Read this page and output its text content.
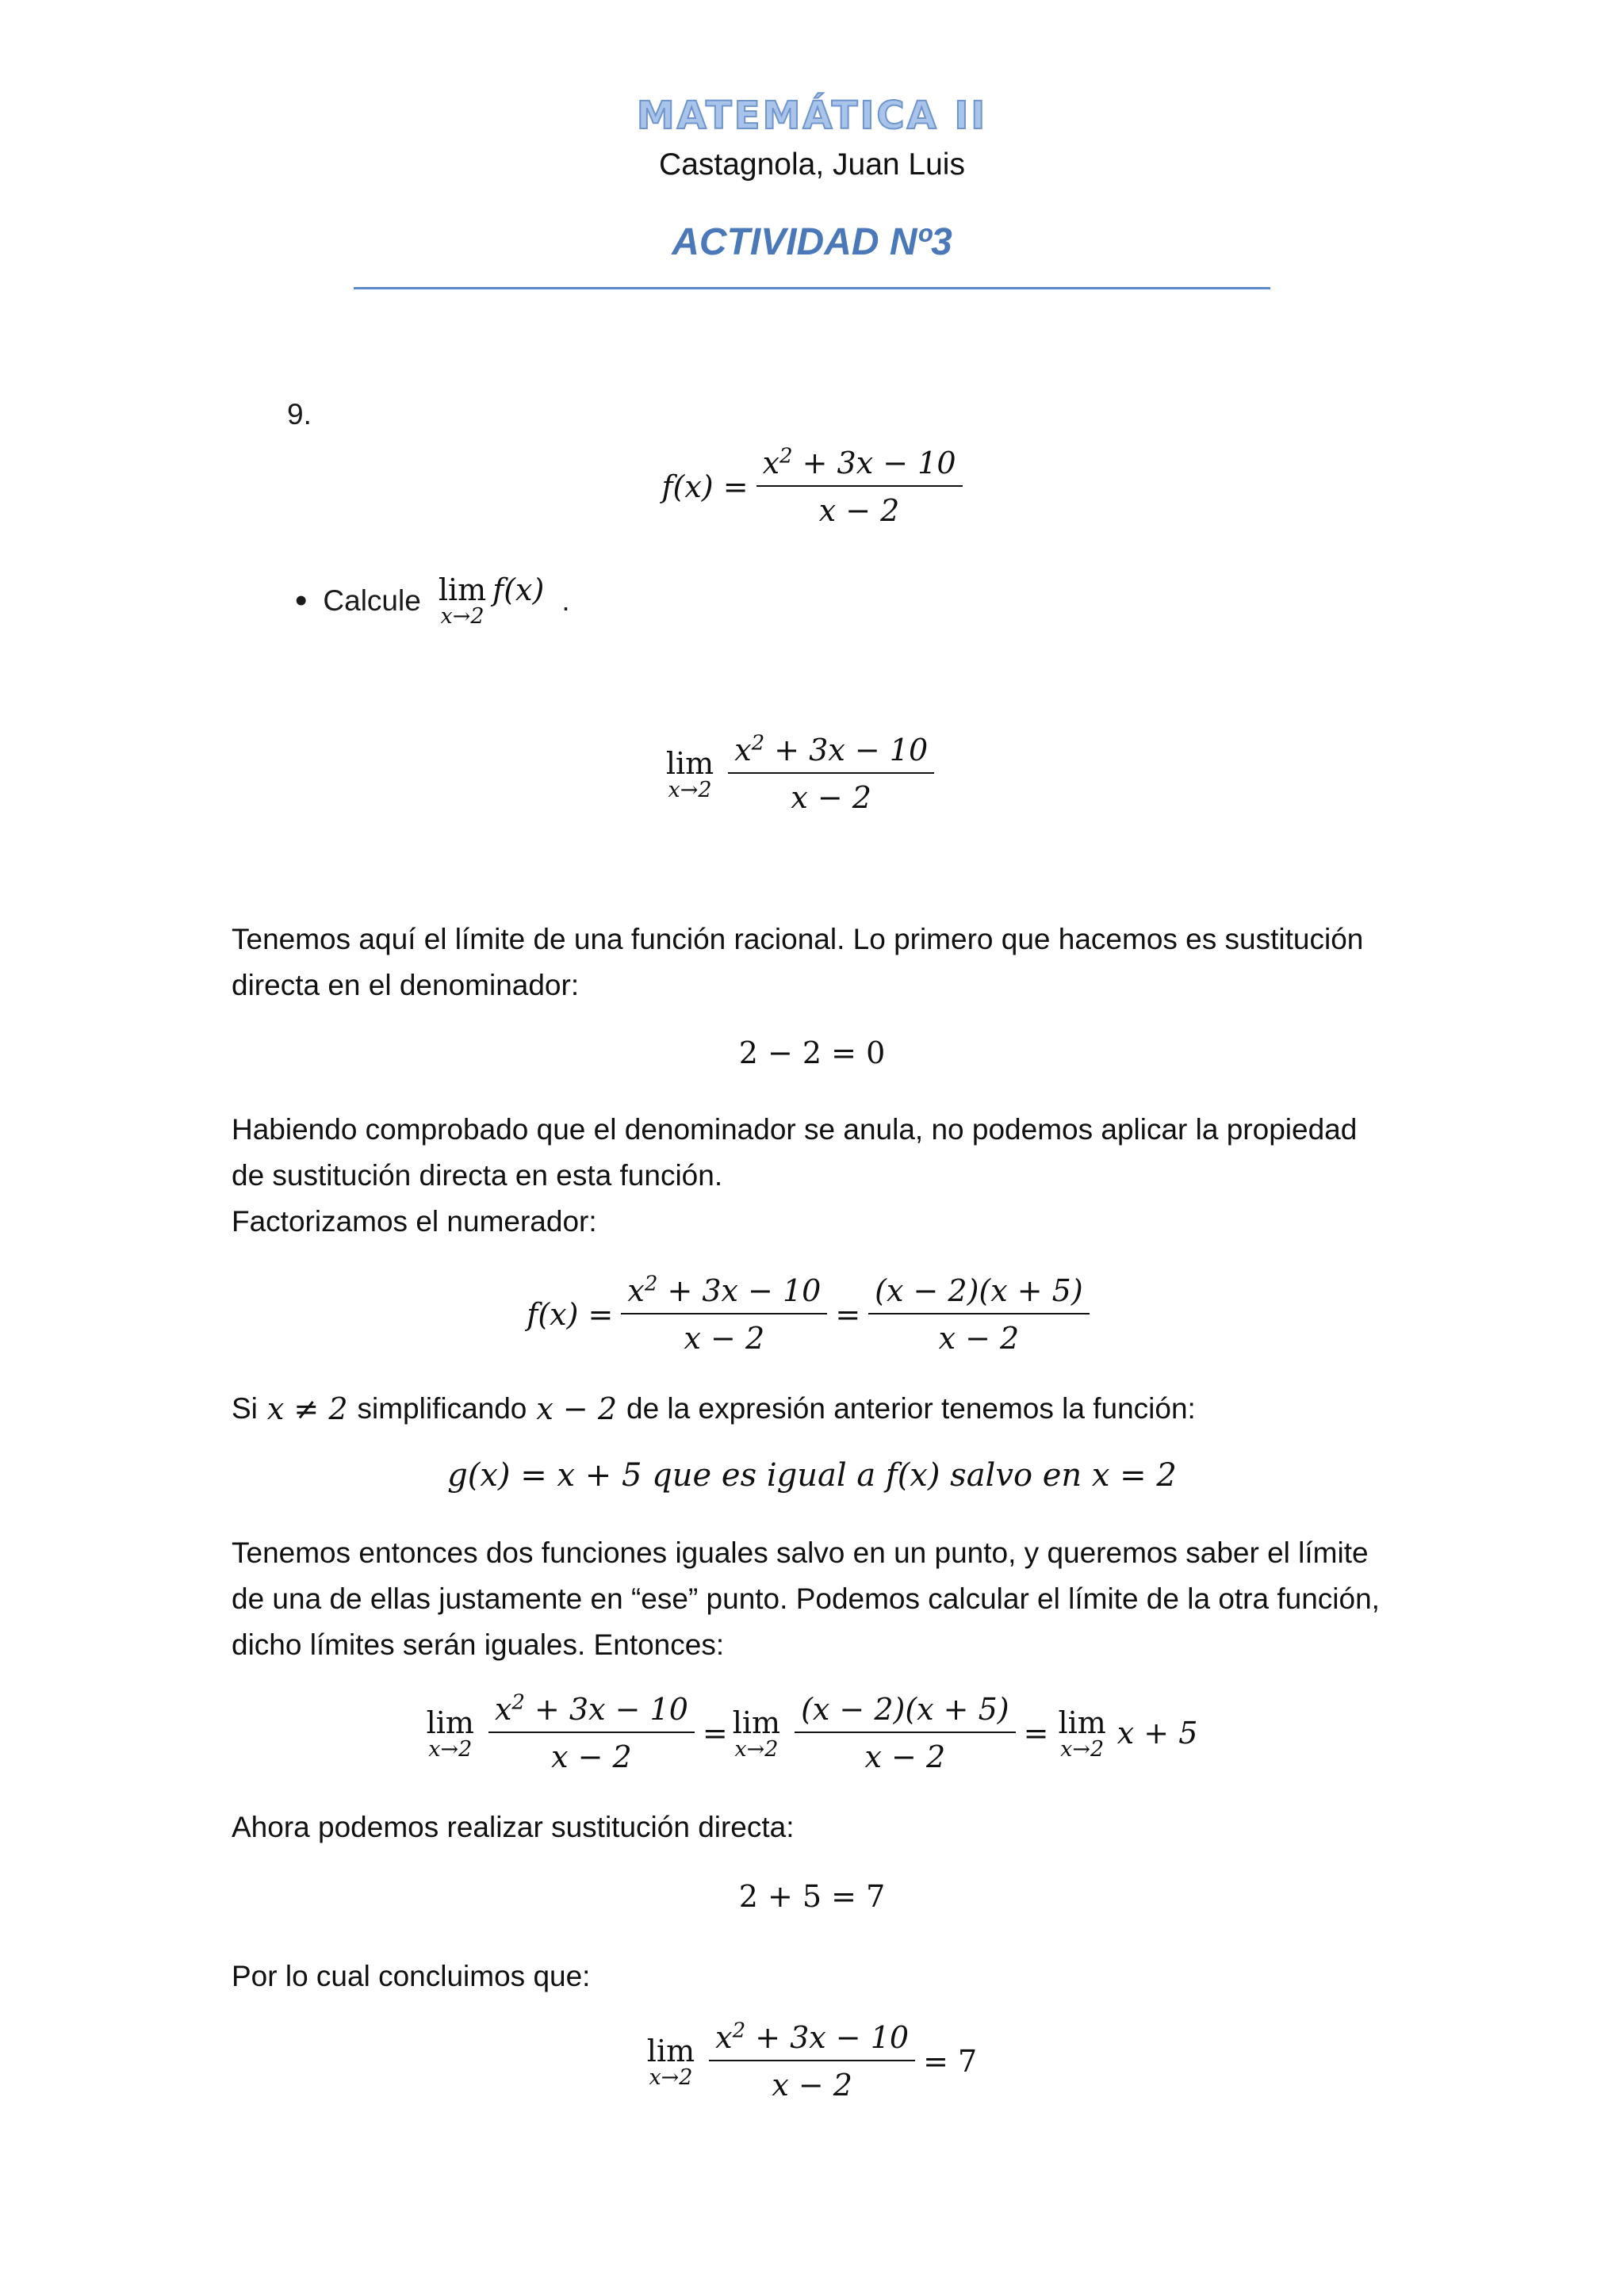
MATEMÁTICA II
Castagnola, Juan Luis
ACTIVIDAD Nº3
9.
$f(x) = \frac{x^2 + 3x - 10}{x - 2}$
• Calcule lim
x→2
f(x) .
lim
$x\to 2 \frac{x^2 + 3x - 10}{x - 2}$

Tenemos aquí el límite de una función racional. Lo primero que hacemos es sustitución directa en el denominador:

2 − 2 = 0

Habiendo comprobado que el denominador se anula, no podemos aplicar la propiedad de sustitución directa en esta función.

Factorizamos el numerador:

$f(x) = \frac{x^2 + 3x - 10}{x - 2} = \frac{(x - 2)(x + 5)}{x - 2}$
Si x ≠ 2 simplificando x − 2 de la expresión anterior tenemos la función:
g(x) = x + 5 que es igual a f(x) salvo en x = 2

Tenemos entonces dos funciones iguales salvo en un punto, y queremos saber el límite de una de ellas justamente en “ese” punto. Podemos calcular el límite de la otra función, dicho límites serán iguales. Entonces:

lim
$x\to 2 \frac{x^2 + 3x - 10}{x - 2} = \lim$
$x\to 2 \frac{(x - 2)(x + 5)}{x - 2} = \lim$
x→2 x + 5

Ahora podemos realizar sustitución directa:

2 + 5 = 7

Por lo cual concluimos que:

lim
$x\to 2 \frac{x^2 + 3x - 10}{x - 2} = 7$
